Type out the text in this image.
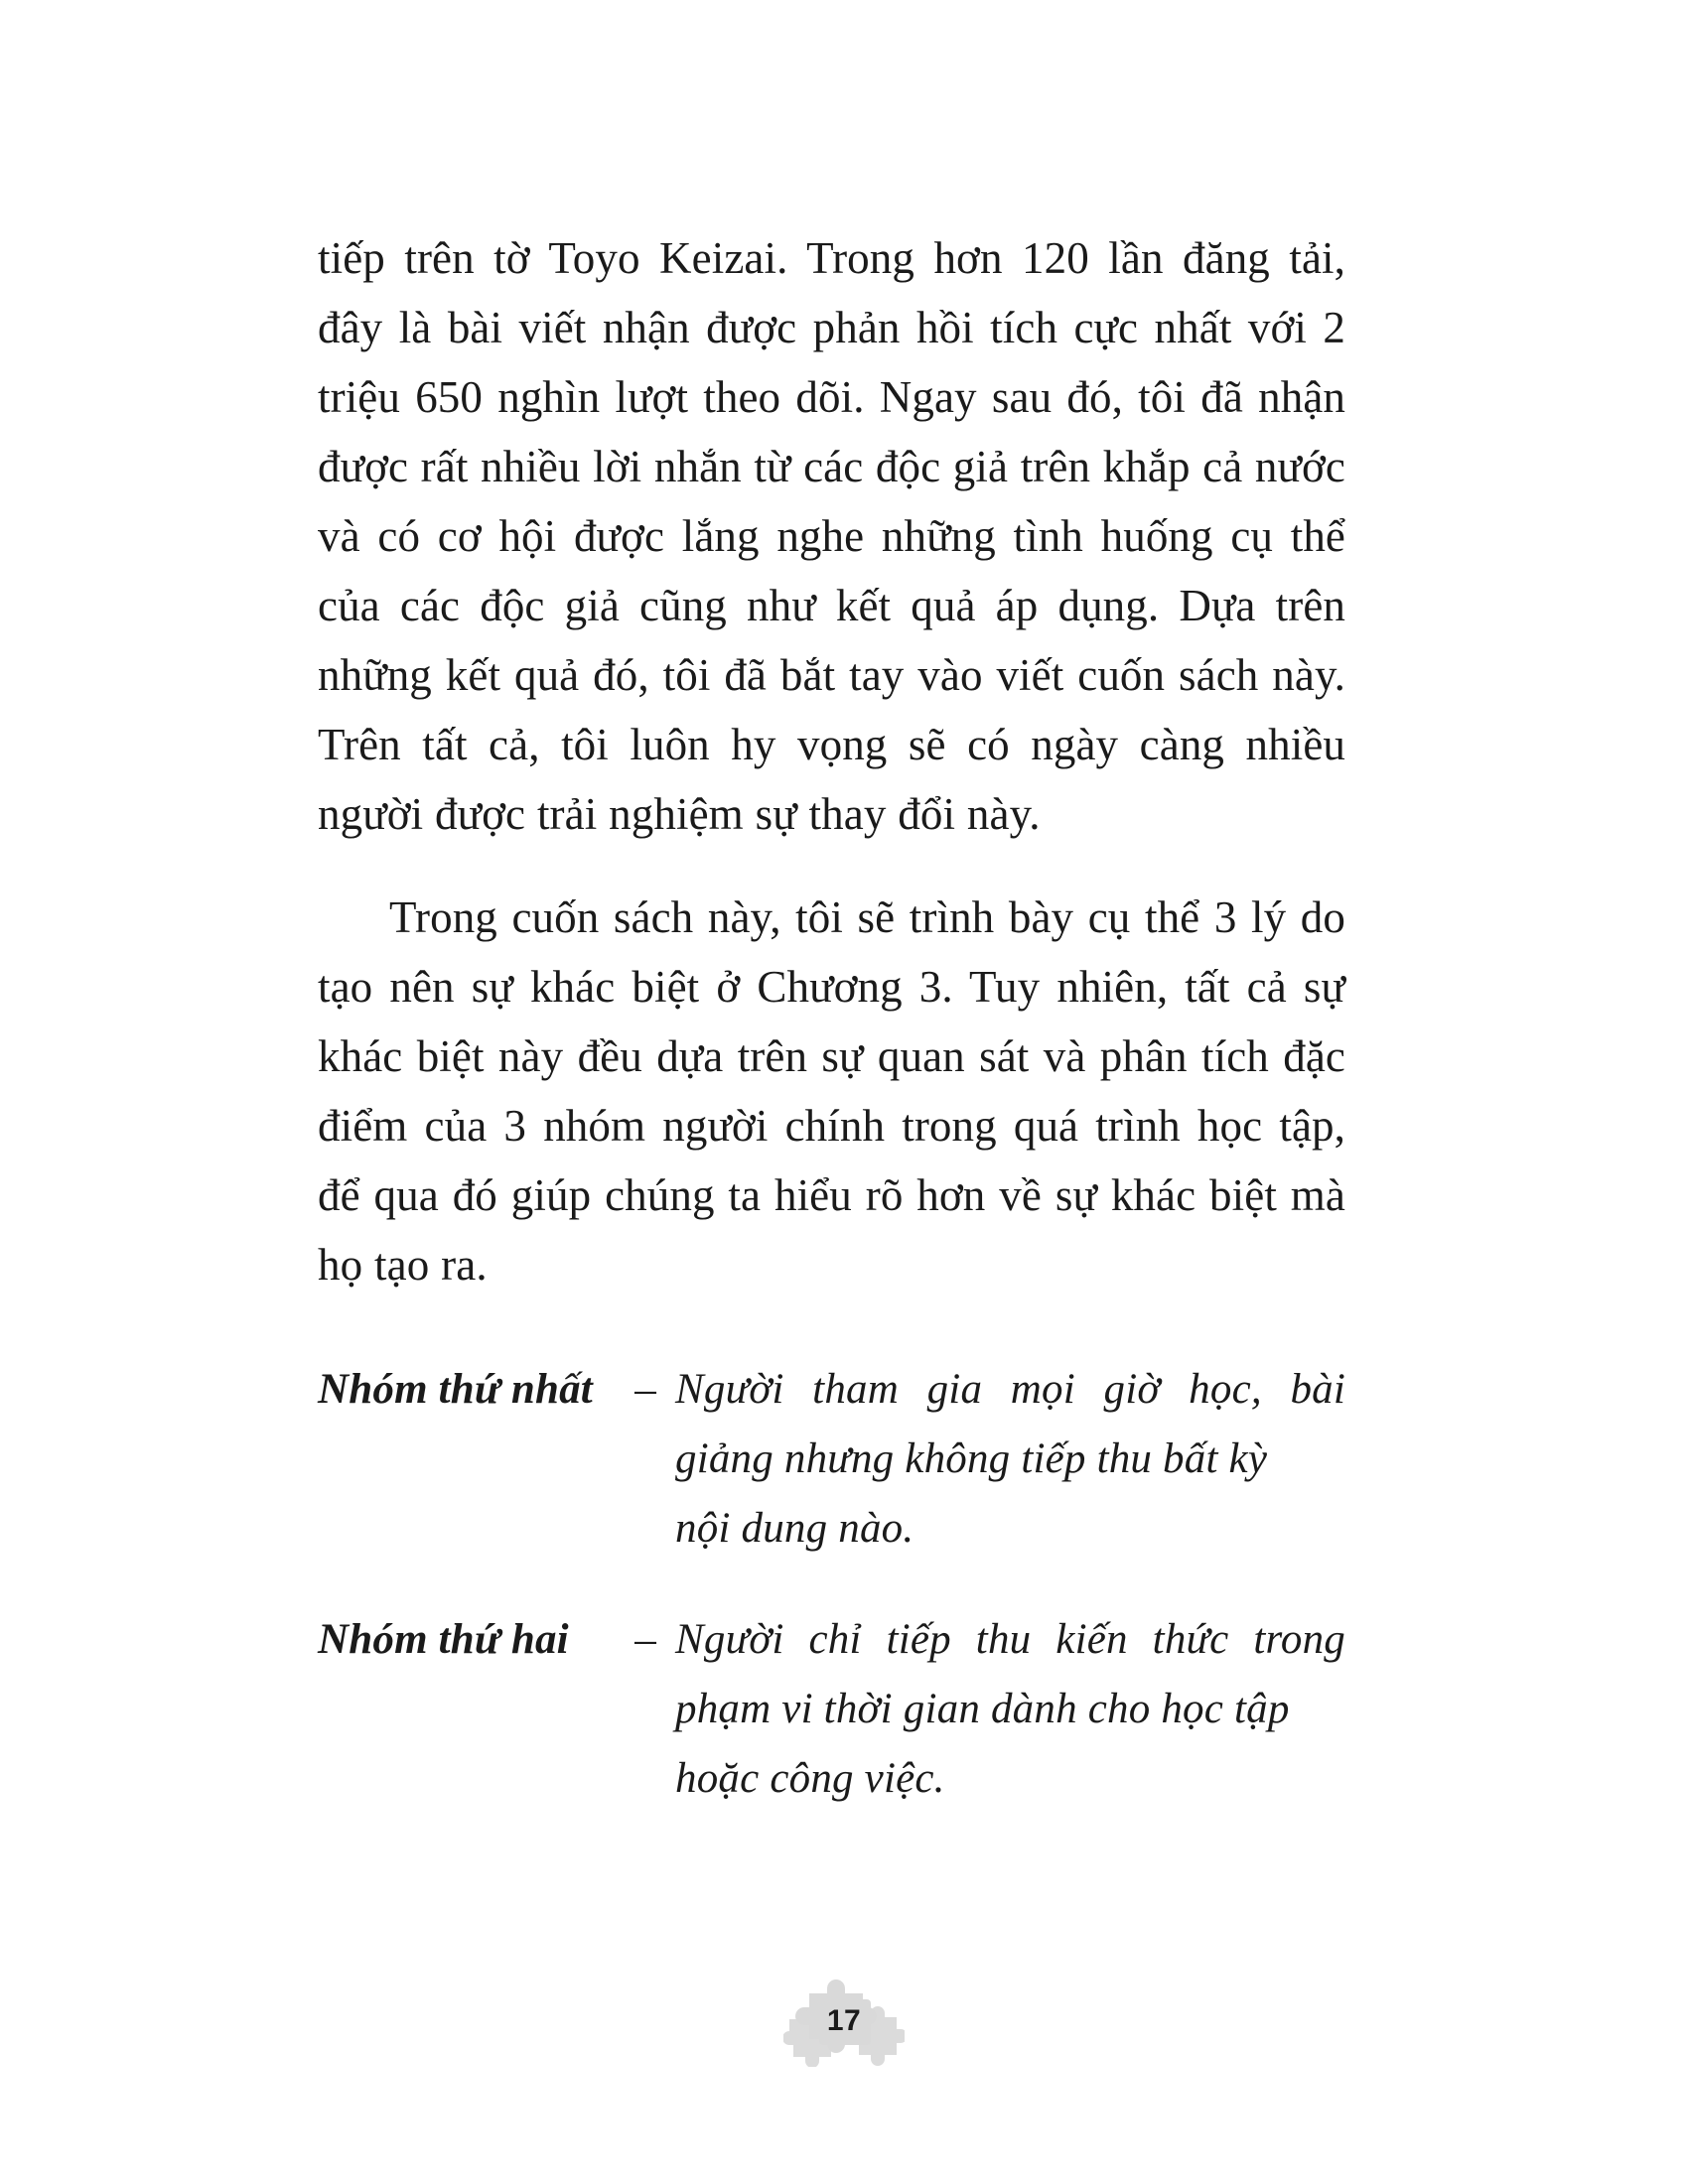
tiếp trên tờ Toyo Keizai. Trong hơn 120 lần đăng tải, đây là bài viết nhận được phản hồi tích cực nhất với 2 triệu 650 nghìn lượt theo dõi. Ngay sau đó, tôi đã nhận được rất nhiều lời nhắn từ các độc giả trên khắp cả nước và có cơ hội được lắng nghe những tình huống cụ thể của các độc giả cũng như kết quả áp dụng. Dựa trên những kết quả đó, tôi đã bắt tay vào viết cuốn sách này. Trên tất cả, tôi luôn hy vọng sẽ có ngày càng nhiều người được trải nghiệm sự thay đổi này.

Trong cuốn sách này, tôi sẽ trình bày cụ thể 3 lý do tạo nên sự khác biệt ở Chương 3. Tuy nhiên, tất cả sự khác biệt này đều dựa trên sự quan sát và phân tích đặc điểm của 3 nhóm người chính trong quá trình học tập, để qua đó giúp chúng ta hiểu rõ hơn về sự khác biệt mà họ tạo ra.

Nhóm thứ nhất – Người tham gia mọi giờ học, bài giảng nhưng không tiếp thu bất kỳ
nội dung nào.
Nhóm thứ hai	– Người chỉ tiếp thu kiến thức trong phạm vi thời gian dành cho học tập
hoặc công việc.
17
